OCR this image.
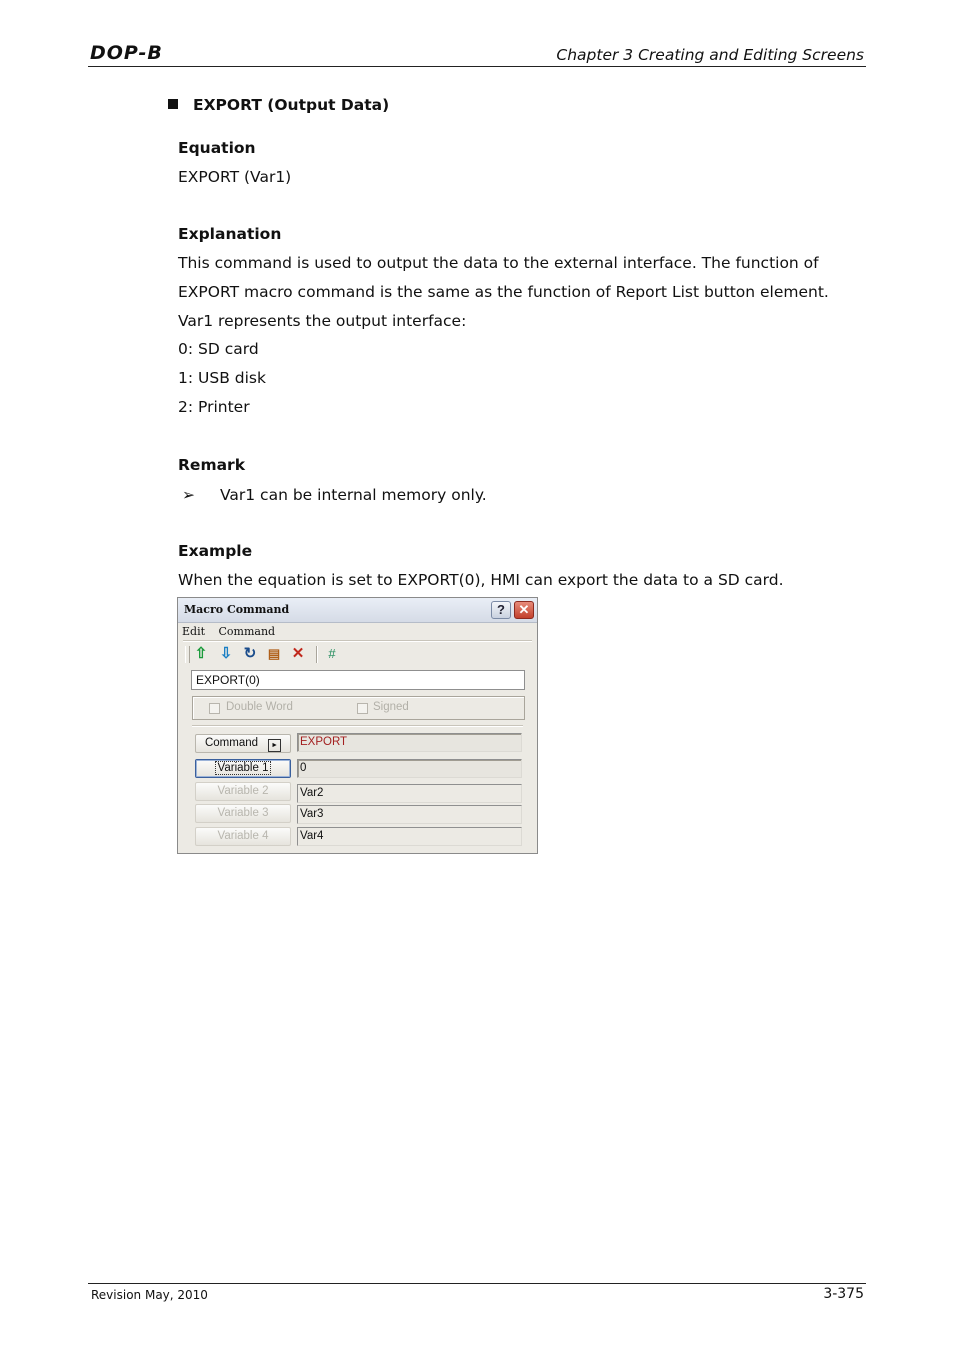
DOP-B	Chapter 3 Creating and Editing Screens
EXPORT (Output Data)
Equation
EXPORT (Var1)
Explanation
This command is used to output the data to the external interface. The function of
EXPORT macro command is the same as the function of Report List button element.
Var1 represents the output interface:
0: SD card
1: USB disk
2: Printer
Remark
➢ Var1 can be internal memory only.
Example
When the equation is set to EXPORT(0), HMI can export the data to a SD card.
Macro Command	?	✕
Edit Command
⇧ ⇩ ↻ ▤ ✕	#
EXPORT(0)
Double Word	Signed
Command ►	EXPORT
Variable 1	0
Variable 2	Var2
Variable 3	Var3
Variable 4	Var4
Revision May, 2010	3-375
